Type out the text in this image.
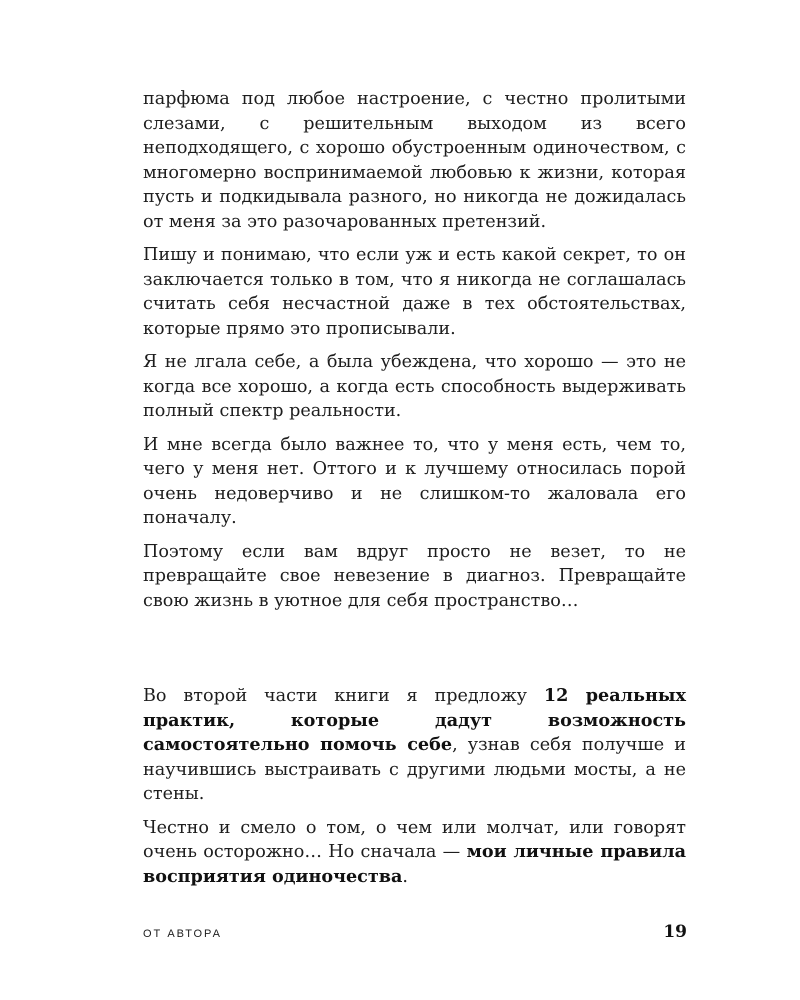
парфюма под любое настроение, с честно пролитыми слезами, с решительным выходом из всего неподходящего, с хорошо обустроенным одиночеством, с многомерно воспринимаемой любовью к жизни, которая пусть и подкидывала разного, но никогда не дожидалась от меня за это разочарованных претензий.

Пишу и понимаю, что если уж и есть какой секрет, то он заключается только в том, что я никогда не соглашалась считать себя несчастной даже в тех обстоятельствах, которые прямо это прописывали.

Я не лгала себе, а была убеждена, что хорошо — это не когда все хорошо, а когда есть способность выдерживать полный спектр реальности.

И мне всегда было важнее то, что у меня есть, чем то, чего у меня нет. Оттого и к лучшему относилась порой очень недоверчиво и не слишком-то жаловала его поначалу.

Поэтому если вам вдруг просто не везет, то не превращайте свое невезение в диагноз. Превращайте свою жизнь в уютное для себя пространство…

Во второй части книги я предложу 12 реальных практик, которые дадут возможность самостоятельно помочь себе, узнав себя получше и научившись выстраивать с другими людьми мосты, а не стены.

Честно и смело о том, о чем или молчат, или говорят очень осторожно… Но сначала — мои личные правила восприятия одиночества.

ОТ АВТОРА	19
